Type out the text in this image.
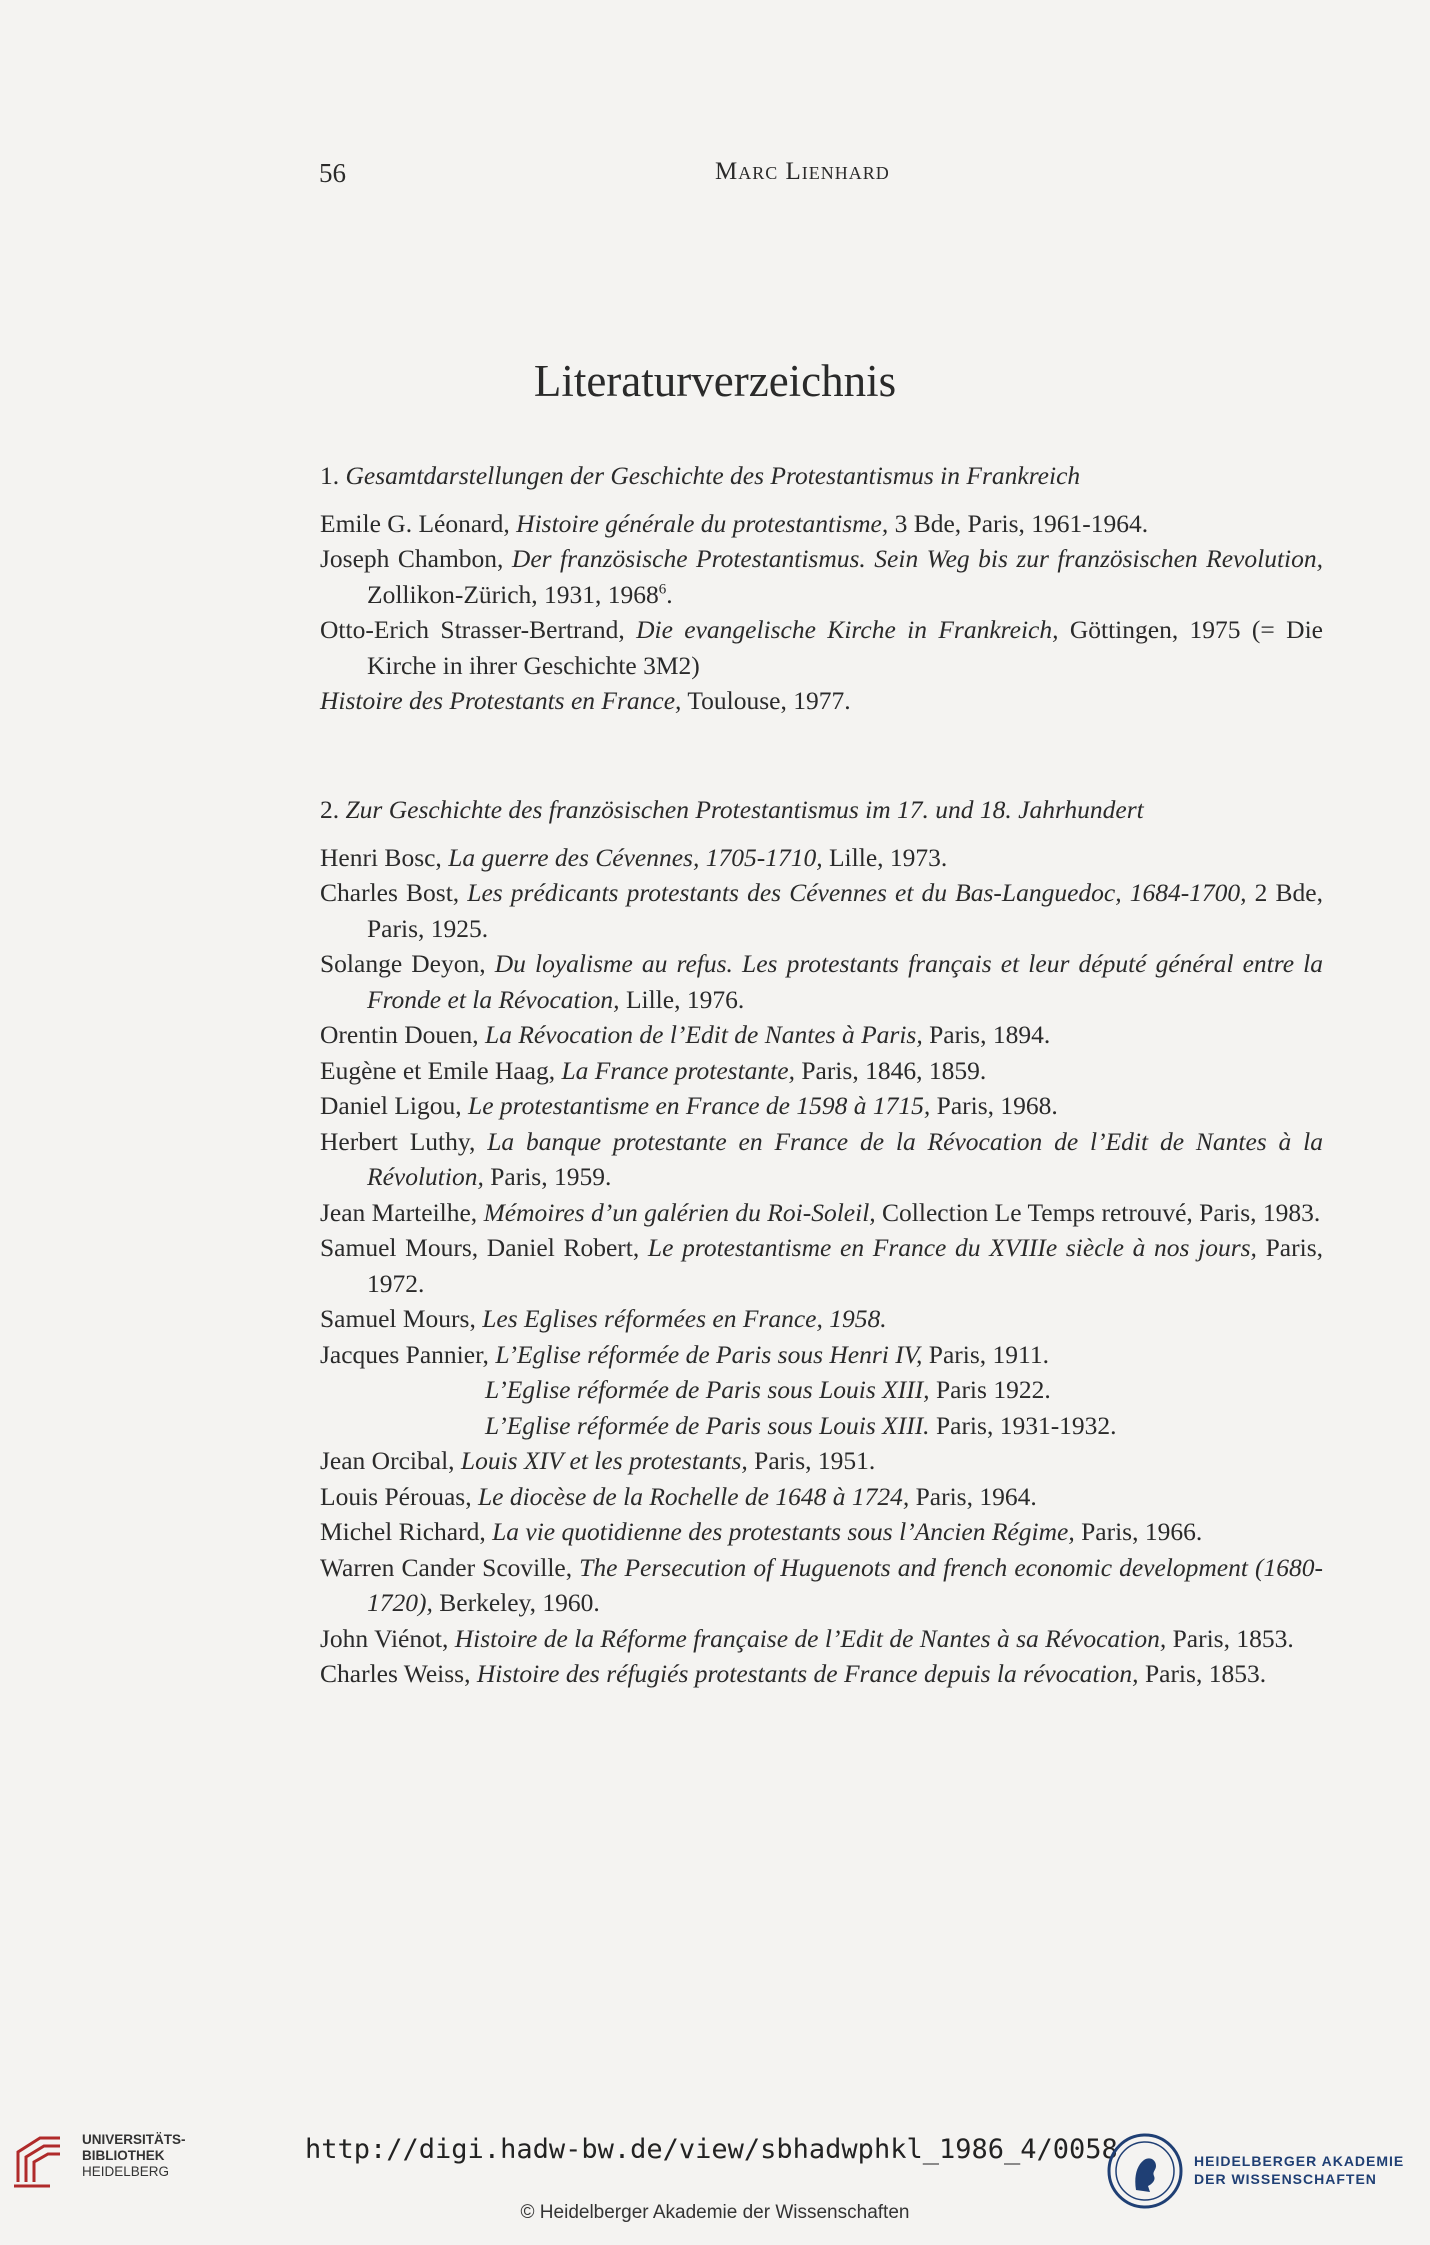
56	Marc Lienhard
Literaturverzeichnis

1. Gesamtdarstellungen der Geschichte des Protestantismus in Frankreich

Emile G. Léonard, Histoire générale du protestantisme, 3 Bde, Paris, 1961-1964.
Joseph Chambon, Der französische Protestantismus. Sein Weg bis zur französischen Revolution, Zollikon-Zürich, 1931, 1968$^6$.
Otto-Erich Strasser-Bertrand, Die evangelische Kirche in Frankreich, Göttingen, 1975 (= Die Kirche in ihrer Geschichte 3M2)
Histoire des Protestants en France, Toulouse, 1977.

2. Zur Geschichte des französischen Protestantismus im 17. und 18. Jahrhundert

Henri Bosc, La guerre des Cévennes, 1705-1710, Lille, 1973.
Charles Bost, Les prédicants protestants des Cévennes et du Bas-Languedoc, 1684-1700, 2 Bde, Paris, 1925.
Solange Deyon, Du loyalisme au refus. Les protestants français et leur député général entre la Fronde et la Révocation, Lille, 1976.
Orentin Douen, La Révocation de l’Edit de Nantes à Paris, Paris, 1894.
Eugène et Emile Haag, La France protestante, Paris, 1846, 1859.
Daniel Ligou, Le protestantisme en France de 1598 à 1715, Paris, 1968.
Herbert Luthy, La banque protestante en France de la Révocation de l’Edit de Nantes à la Révolution, Paris, 1959.
Jean Marteilhe, Mémoires d’un galérien du Roi-Soleil, Collection Le Temps retrouvé, Paris, 1983.
Samuel Mours, Daniel Robert, Le protestantisme en France du XVIIIe siècle à nos jours, Paris, 1972.
Samuel Mours, Les Eglises réformées en France, 1958.
Jacques Pannier, L’Eglise réformée de Paris sous Henri IV, Paris, 1911.
L’Eglise réformée de Paris sous Louis XIII, Paris 1922.
L’Eglise réformée de Paris sous Louis XIII. Paris, 1931-1932.
Jean Orcibal, Louis XIV et les protestants, Paris, 1951.
Louis Pérouas, Le diocèse de la Rochelle de 1648 à 1724, Paris, 1964.
Michel Richard, La vie quotidienne des protestants sous l’Ancien Régime, Paris, 1966.
Warren Cander Scoville, The Persecution of Huguenots and french economic development (1680-1720), Berkeley, 1960.
John Viénot, Histoire de la Réforme française de l’Edit de Nantes à sa Révocation, Paris, 1853.
Charles Weiss, Histoire des réfugiés protestants de France depuis la révocation, Paris, 1853.
UNIVERSITÄTS-
BIBLIOTHEK
HEIDELBERG
http://digi.hadw-bw.de/view/sbhadwphkl_1986_4/0058
© Heidelberger Akademie der Wissenschaften
HEIDELBERGER AKADEMIE
DER WISSENSCHAFTEN
